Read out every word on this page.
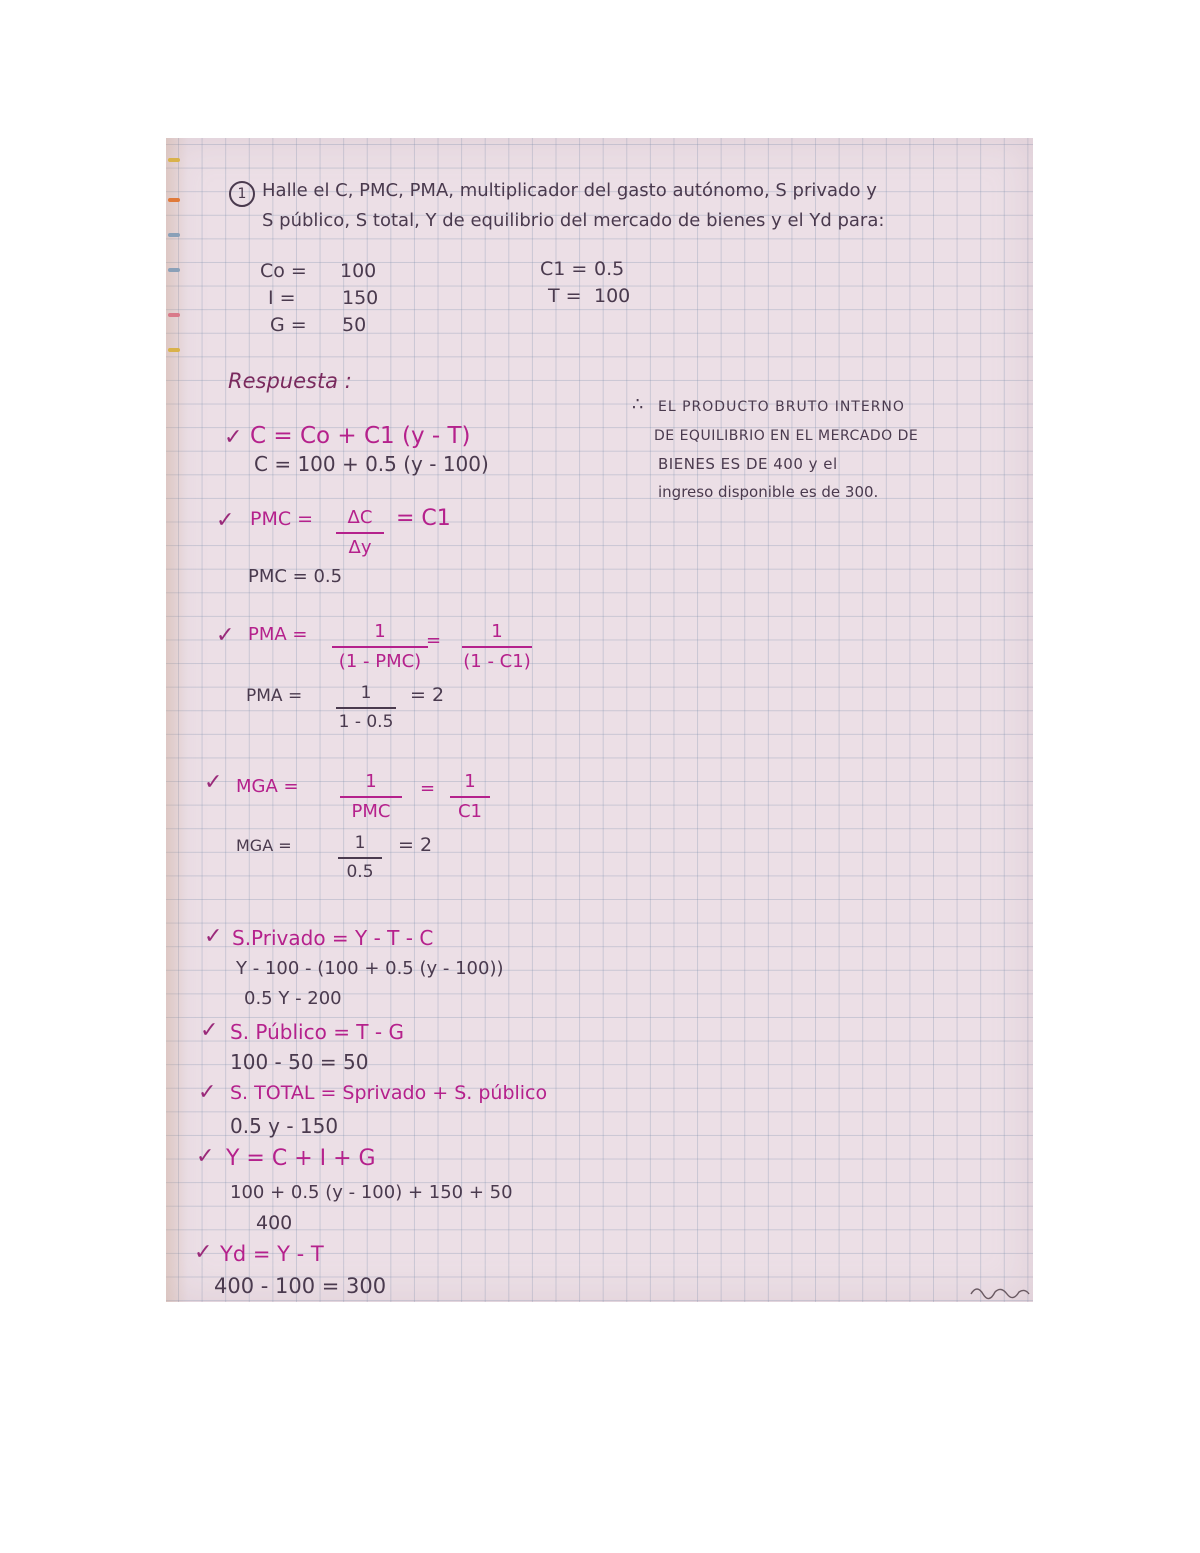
1 Halle el C, PMC, PMA, multiplicador del gasto autónomo, S privado y
S público, S total, Y de equilibrio del mercado de bienes y el Yd para:
Co = 100
I = 150
G = 50
C1 = 0.5
T = 100
Respuesta :
∴ EL PRODUCTO BRUTO INTERNO
DE EQUILIBRIO EN EL MERCADO DE
BIENES ES DE 400 y el
ingreso disponible es de 300.
✓ C = Co + C1 (y - T)
C = 100 + 0.5 (y - 100)
✓ PMC =	ΔC
Δy
= C1
PMC = 0.5
✓ PMA =	1
(1 - PMC)
=	1
(1 - C1)
PMA =	1
1 - 0.5
= 2
✓ MGA =	1
PMC
=	1
C1
MGA =	1
0.5
= 2
✓ S.Privado = Y - T - C
Y - 100 - (100 + 0.5 (y - 100))
0.5 Y - 200
✓ S. Público = T - G
100 - 50 = 50
✓ S. TOTAL = Sprivado + S. público
0.5 y - 150
✓ Y = C + I + G
100 + 0.5 (y - 100) + 150 + 50
400
✓ Yd = Y - T
400 - 100 = 300
